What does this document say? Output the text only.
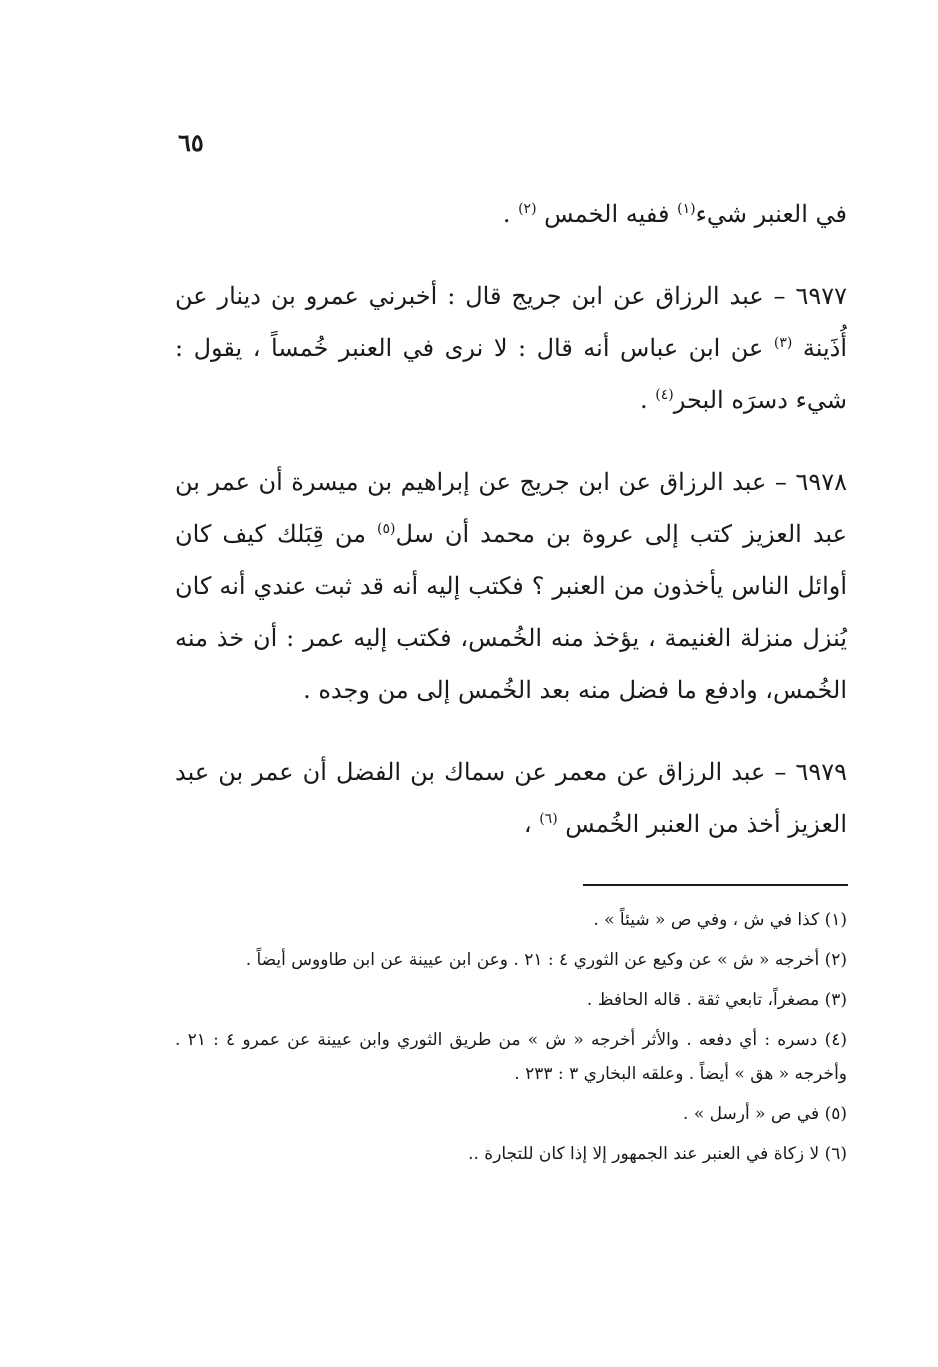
٦٥

في العنبر شيء$^{(١)}$ ففيه الخمس $^{(٢)}$ .

٦٩٧٧ – عبد الرزاق عن ابن جريج قال : أخبرني عمرو بن دينار عن أُذَينة $^{(٣)}$ عن ابن عباس أنه قال : لا نرى في العنبر خُمساً ، يقول : شيء دسرَه البحر$^{(٤)}$ .

٦٩٧٨ – عبد الرزاق عن ابن جريج عن إبراهيم بن ميسرة أن عمر بن عبد العزيز كتب إلى عروة بن محمد أن سل$^{(٥)}$ من قِبَلك كيف كان أوائل الناس يأخذون من العنبر ؟ فكتب إليه أنه قد ثبت عندي أنه كان يُنزل منزلة الغنيمة ، يؤخذ منه الخُمس، فكتب إليه عمر : أن خذ منه الخُمس، وادفع ما فضل منه بعد الخُمس إلى من وجده .

٦٩٧٩ – عبد الرزاق عن معمر عن سماك بن الفضل أن عمر بن عبد العزيز أخذ من العنبر الخُمس $^{(٦)}$ ،

(١) كذا في ش ، وفي ص « شيئاً » .

(٢) أخرجه « ش » عن وكيع عن الثوري ٤ : ٢١ . وعن ابن عيينة عن ابن طاووس أيضاً .

(٣) مصغراً، تابعي ثقة . قاله الحافظ .

(٤) دسره : أي دفعه . والأثر أخرجه « ش » من طريق الثوري وابن عيينة عن عمرو ٤ : ٢١ . وأخرجه « هق » أيضاً . وعلقه البخاري ٣ : ٢٣٣ .

(٥) في ص « أرسل » .

(٦) لا زكاة في العنبر عند الجمهور إلا إذا كان للتجارة ..
